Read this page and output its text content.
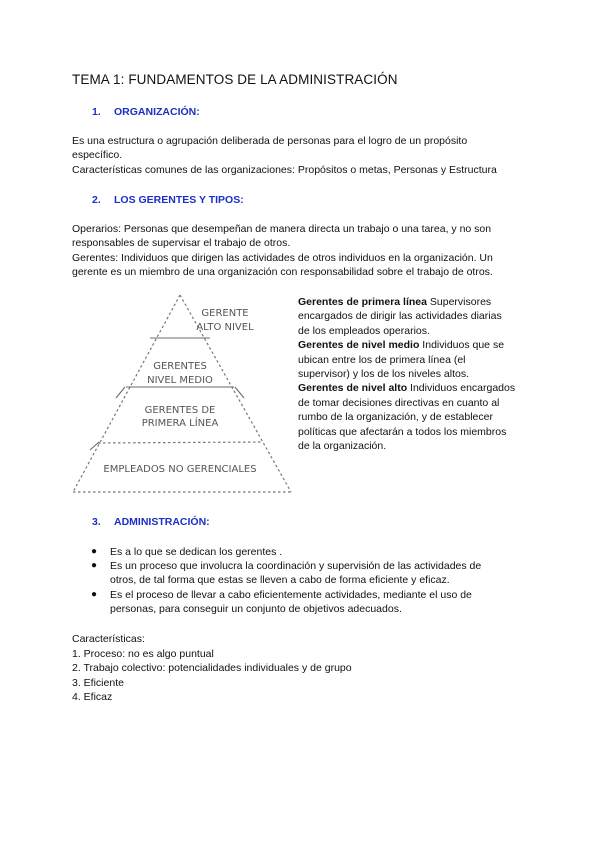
TEMA 1: FUNDAMENTOS DE LA ADMINISTRACIÓN
1. ORGANIZACIÓN:
Es una estructura o agrupación deliberada de personas para el logro de un propósito
específico.
Características comunes de las organizaciones: Propósitos o metas, Personas y Estructura
2. LOS GERENTES Y TIPOS:
Operarios: Personas que desempeñan de manera directa un trabajo o una tarea, y no son
responsables de supervisar el trabajo de otros.
Gerentes: Individuos que dirigen las actividades de otros individuos en la organización. Un
gerente es un miembro de una organización con responsabilidad sobre el trabajo de otros.
GERENTE
ALTO NIVEL
GERENTES
NIVEL MEDIO
GERENTES DE
PRIMERA LÍNEA
EMPLEADOS NO GERENCIALES
Gerentes de primera línea Supervisores
encargados de dirigir las actividades diarias
de los empleados operarios.
Gerentes de nivel medio Individuos que se
ubican entre los de primera línea (el
supervisor) y los de los niveles altos.
Gerentes de nivel alto Individuos encargados
de tomar decisiones directivas en cuanto al
rumbo de la organización, y de establecer
políticas que afectarán a todos los miembros
de la organización.
3. ADMINISTRACIÓN:
● Es a lo que se dedican los gerentes .
● Es un proceso que involucra la coordinación y supervisión de las actividades de
otros, de tal forma que estas se lleven a cabo de forma eficiente y eficaz.
● Es el proceso de llevar a cabo eficientemente actividades, mediante el uso de
personas, para conseguir un conjunto de objetivos adecuados.
Características:
1. Proceso: no es algo puntual
2. Trabajo colectivo: potencialidades individuales y de grupo
3. Eficiente
4. Eficaz
